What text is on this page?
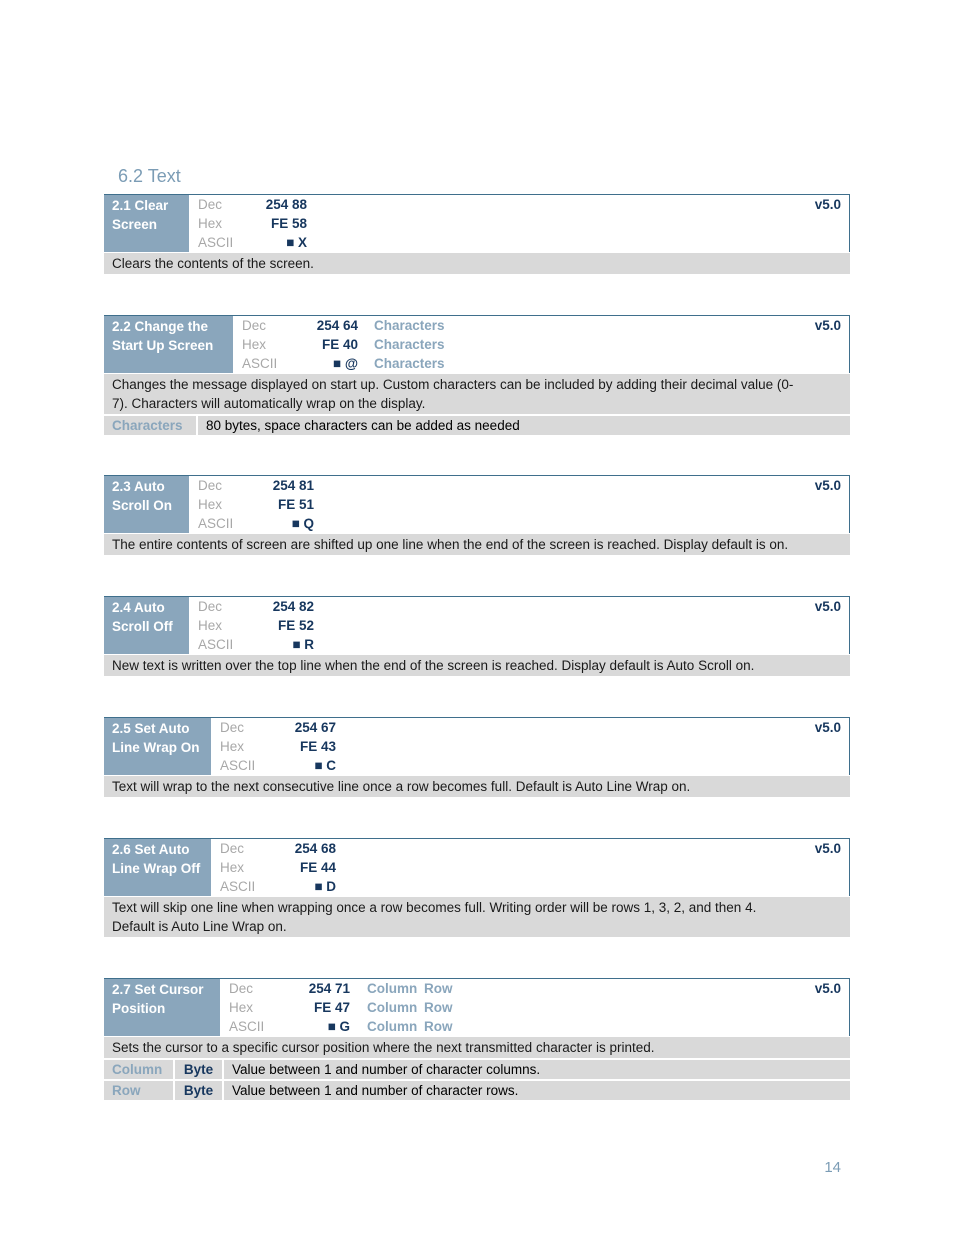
6.2 Text
2.1 Clear
Screen
Dec	254 88
Hex	FE 58
ASCII	■ X
v5.0
Clears the contents of the screen.
2.2 Change the
Start Up Screen
Dec	254 64 Characters
Hex	FE 40 Characters
ASCII	■ @ Characters
v5.0
Changes the message displayed on start up. Custom characters can be included by adding their decimal value (0-
7). Characters will automatically wrap on the display.
Characters	80 bytes, space characters can be added as needed
2.3 Auto
Scroll On
Dec	254 81
Hex	FE 51
ASCII	■ Q
v5.0
The entire contents of screen are shifted up one line when the end of the screen is reached. Display default is on.
2.4 Auto
Scroll Off
Dec	254 82
Hex	FE 52
ASCII	■ R
v5.0
New text is written over the top line when the end of the screen is reached. Display default is Auto Scroll on.
2.5 Set Auto
Line Wrap On
Dec	254 67
Hex	FE 43
ASCII	■ C
v5.0
Text will wrap to the next consecutive line once a row becomes full. Default is Auto Line Wrap on.
2.6 Set Auto
Line Wrap Off
Dec	254 68
Hex	FE 44
ASCII	■ D
v5.0
Text will skip one line when wrapping once a row becomes full. Writing order will be rows 1, 3, 2, and then 4.
Default is Auto Line Wrap on.
2.7 Set Cursor
Position
Dec	254 71 Column Row
Hex	FE 47 Column Row
ASCII	■ G Column Row
v5.0
Sets the cursor to a specific cursor position where the next transmitted character is printed.
Column	Byte	Value between 1 and number of character columns.
Row	Byte	Value between 1 and number of character rows.
14
